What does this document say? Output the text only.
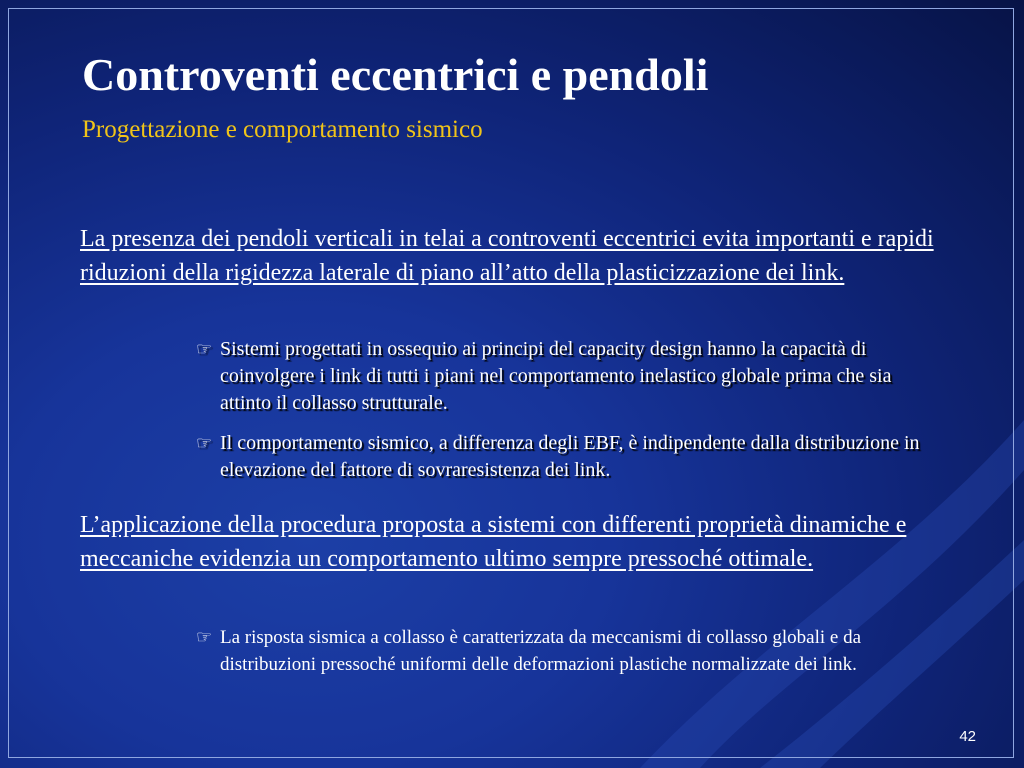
Controventi eccentrici e pendoli
Progettazione e comportamento sismico
La presenza dei pendoli verticali in telai a controventi eccentrici evita importanti e rapidi riduzioni della rigidezza laterale di piano all’atto della plasticizzazione dei link.
☞ Sistemi progettati in ossequio ai principi del capacity design hanno la capacità di coinvolgere i link di tutti i piani nel comportamento inelastico globale prima che sia attinto il collasso strutturale.
☞ Il comportamento sismico, a differenza degli EBF, è indipendente dalla distribuzione in elevazione del fattore di sovraresistenza dei link.
L’applicazione della procedura proposta a sistemi con differenti proprietà dinamiche e meccaniche evidenzia un comportamento ultimo sempre pressoché ottimale.
☞ La risposta sismica a collasso è caratterizzata da meccanismi di collasso globali e da distribuzioni pressoché uniformi delle deformazioni plastiche normalizzate dei link.
42
